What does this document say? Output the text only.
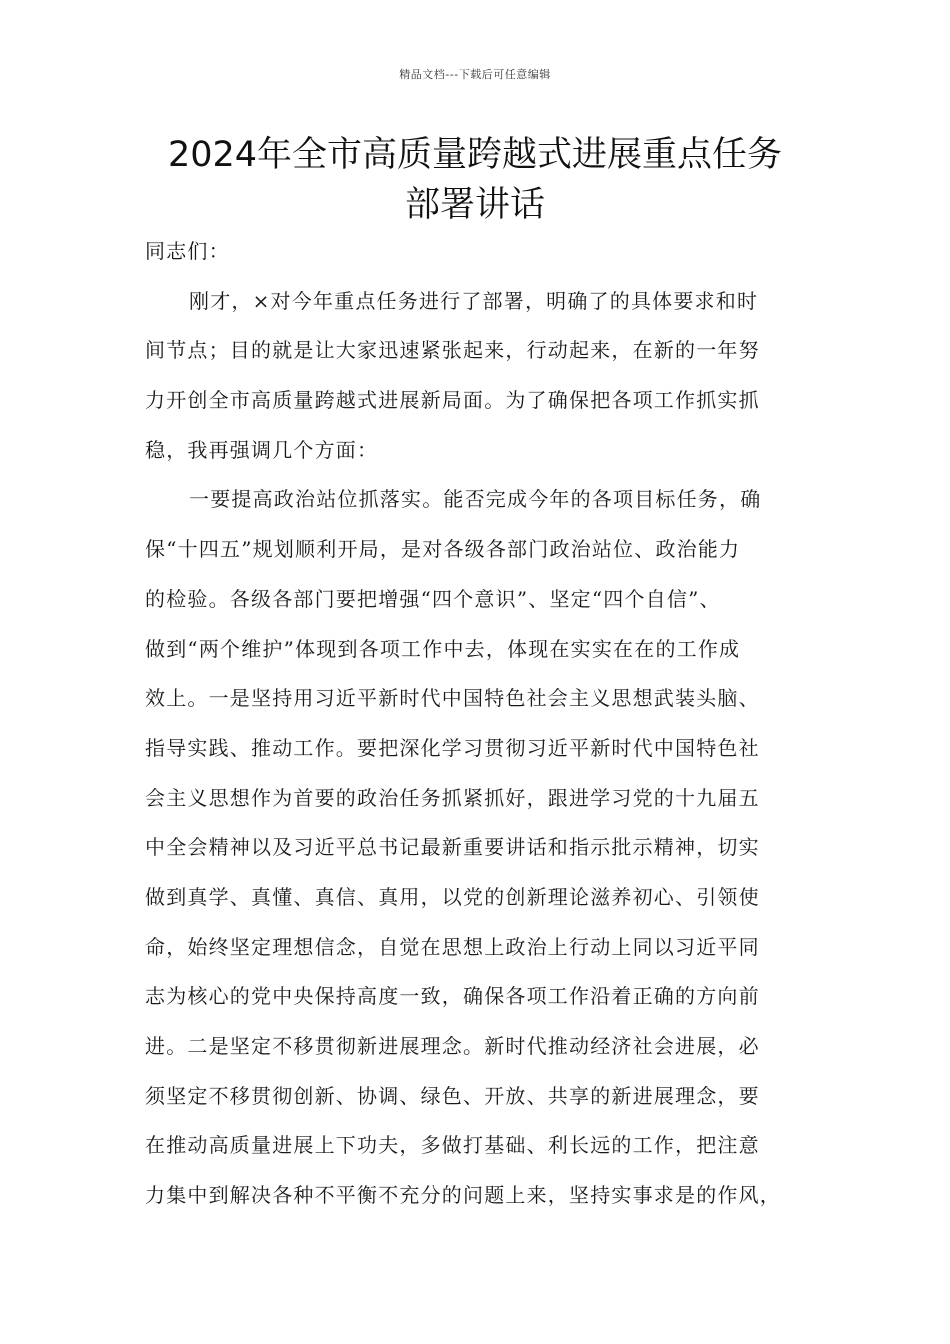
精品文档---下载后可任意编辑
2024年全市高质量跨越式进展重点任务
部署讲话
同志们：
刚才，×对今年重点任务进行了部署，明确了的具体要求和时
间节点；目的就是让大家迅速紧张起来，行动起来，在新的一年努
力开创全市高质量跨越式进展新局面。为了确保把各项工作抓实抓
稳，我再强调几个方面：
一要提高政治站位抓落实。能否完成今年的各项目标任务，确
保“十四五”规划顺利开局，是对各级各部门政治站位、政治能力
的检验。各级各部门要把增强“四个意识”、坚定“四个自信”、
做到“两个维护”体现到各项工作中去，体现在实实在在的工作成
效上。一是坚持用习近平新时代中国特色社会主义思想武装头脑、
指导实践、推动工作。要把深化学习贯彻习近平新时代中国特色社
会主义思想作为首要的政治任务抓紧抓好，跟进学习党的十九届五
中全会精神以及习近平总书记最新重要讲话和指示批示精神，切实
做到真学、真懂、真信、真用，以党的创新理论滋养初心、引领使
命，始终坚定理想信念，自觉在思想上政治上行动上同以习近平同
志为核心的党中央保持高度一致，确保各项工作沿着正确的方向前
进。二是坚定不移贯彻新进展理念。新时代推动经济社会进展，必
须坚定不移贯彻创新、协调、绿色、开放、共享的新进展理念，要
在推动高质量进展上下功夫，多做打基础、利长远的工作，把注意
力集中到解决各种不平衡不充分的问题上来，坚持实事求是的作风，
